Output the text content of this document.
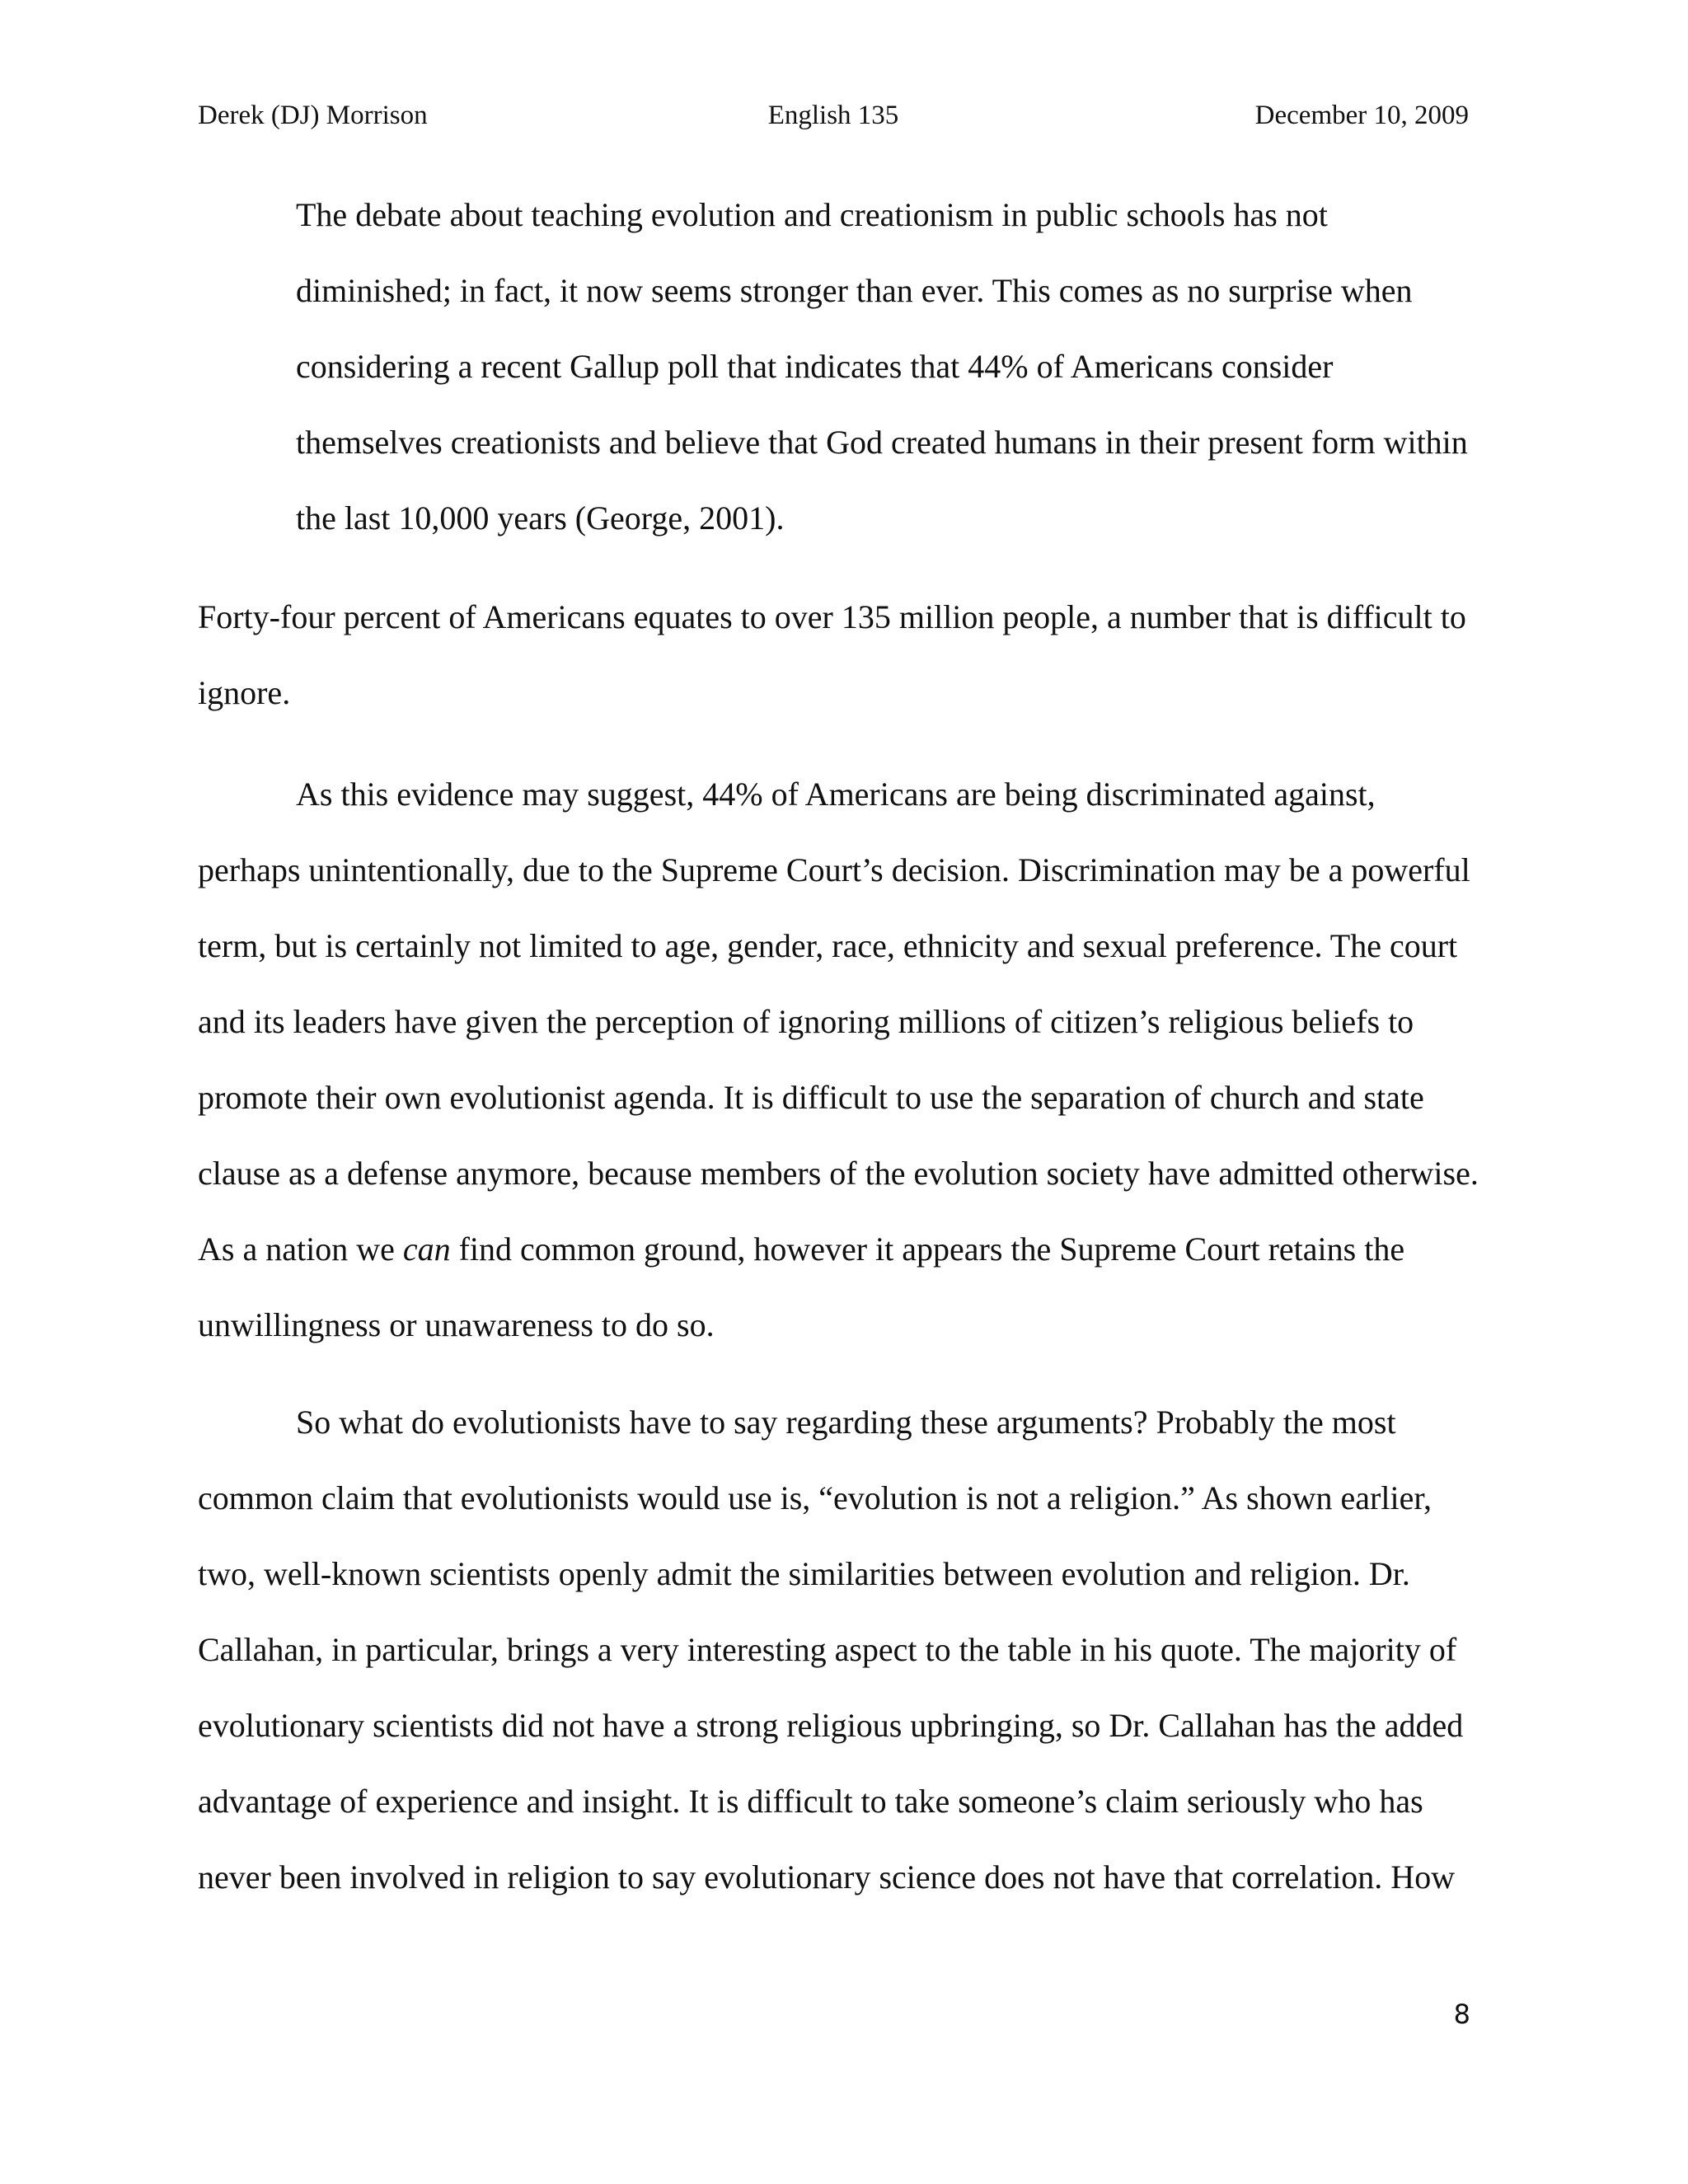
Derek (DJ) Morrison	English 135	December 10, 2009
The debate about teaching evolution and creationism in public schools has not
diminished; in fact, it now seems stronger than ever. This comes as no surprise when
considering a recent Gallup poll that indicates that 44% of Americans consider
themselves creationists and believe that God created humans in their present form within
the last 10,000 years (George, 2001).
Forty-four percent of Americans equates to over 135 million people, a number that is difficult to
ignore.
As this evidence may suggest, 44% of Americans are being discriminated against,
perhaps unintentionally, due to the Supreme Court’s decision. Discrimination may be a powerful
term, but is certainly not limited to age, gender, race, ethnicity and sexual preference. The court
and its leaders have given the perception of ignoring millions of citizen’s religious beliefs to
promote their own evolutionist agenda. It is difficult to use the separation of church and state
clause as a defense anymore, because members of the evolution society have admitted otherwise.
As a nation we can find common ground, however it appears the Supreme Court retains the
unwillingness or unawareness to do so.
So what do evolutionists have to say regarding these arguments? Probably the most
common claim that evolutionists would use is, “evolution is not a religion.” As shown earlier,
two, well-known scientists openly admit the similarities between evolution and religion. Dr.
Callahan, in particular, brings a very interesting aspect to the table in his quote. The majority of
evolutionary scientists did not have a strong religious upbringing, so Dr. Callahan has the added
advantage of experience and insight. It is difficult to take someone’s claim seriously who has
never been involved in religion to say evolutionary science does not have that correlation. How
8
